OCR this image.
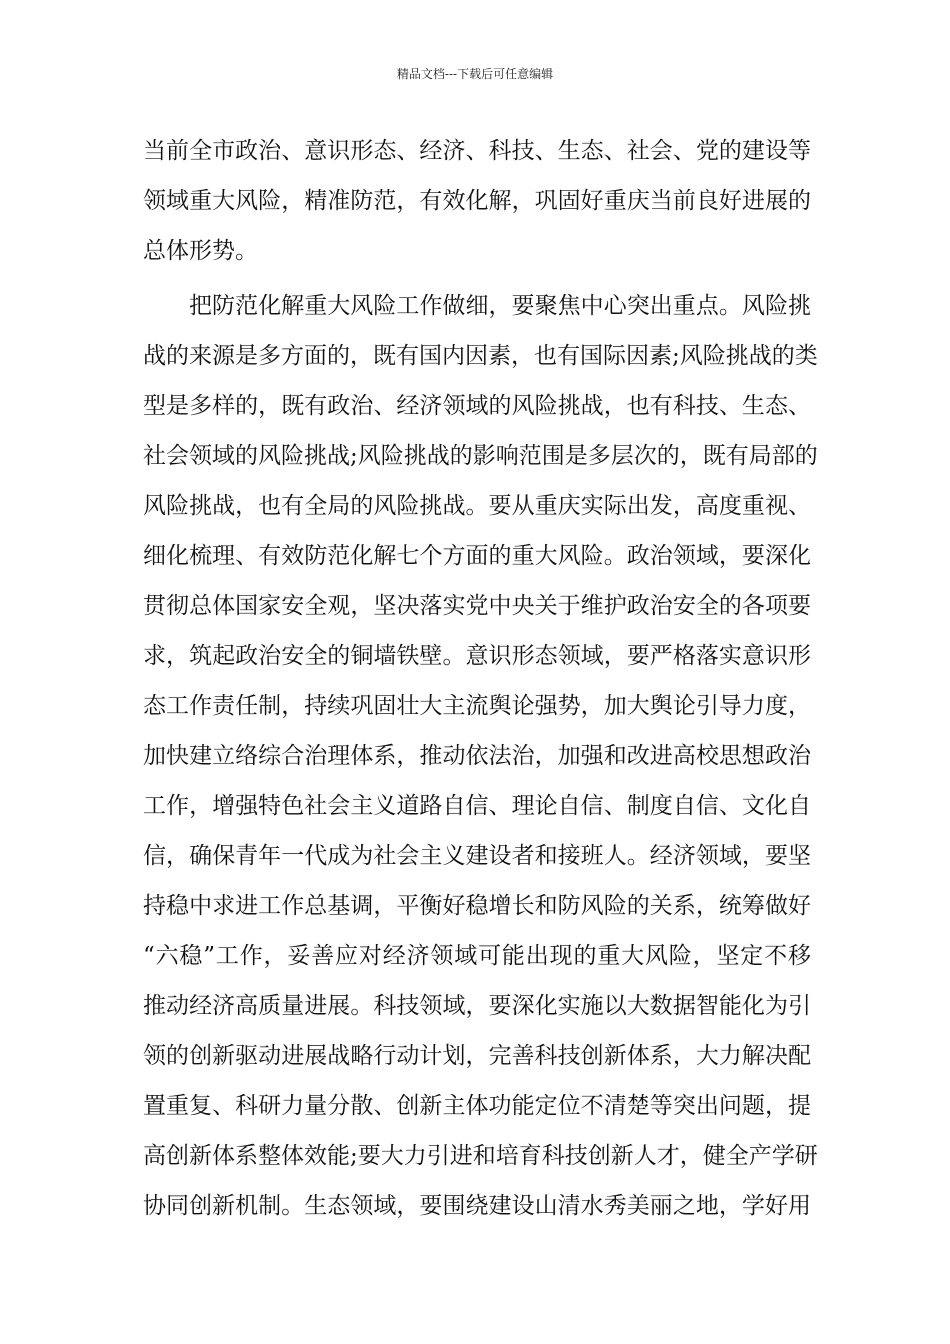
精品文档---下载后可任意编辑
当前全市政治、意识形态、经济、科技、生态、社会、党的建设等
领域重大风险，精准防范，有效化解，巩固好重庆当前良好进展的
总体形势。
把防范化解重大风险工作做细，要聚焦中心突出重点。风险挑
战的来源是多方面的，既有国内因素，也有国际因素;风险挑战的类
型是多样的，既有政治、经济领域的风险挑战，也有科技、生态、
社会领域的风险挑战;风险挑战的影响范围是多层次的，既有局部的
风险挑战，也有全局的风险挑战。要从重庆实际出发，高度重视、
细化梳理、有效防范化解七个方面的重大风险。政治领域，要深化
贯彻总体国家安全观，坚决落实党中央关于维护政治安全的各项要
求，筑起政治安全的铜墙铁壁。意识形态领域，要严格落实意识形
态工作责任制，持续巩固壮大主流舆论强势，加大舆论引导力度，
加快建立络综合治理体系，推动依法治，加强和改进高校思想政治
工作，增强特色社会主义道路自信、理论自信、制度自信、文化自
信，确保青年一代成为社会主义建设者和接班人。经济领域，要坚
持稳中求进工作总基调，平衡好稳增长和防风险的关系，统筹做好
“六稳”工作，妥善应对经济领域可能出现的重大风险，坚定不移
推动经济高质量进展。科技领域，要深化实施以大数据智能化为引
领的创新驱动进展战略行动计划，完善科技创新体系，大力解决配
置重复、科研力量分散、创新主体功能定位不清楚等突出问题，提
高创新体系整体效能;要大力引进和培育科技创新人才，健全产学研
协同创新机制。生态领域，要围绕建设山清水秀美丽之地，学好用
